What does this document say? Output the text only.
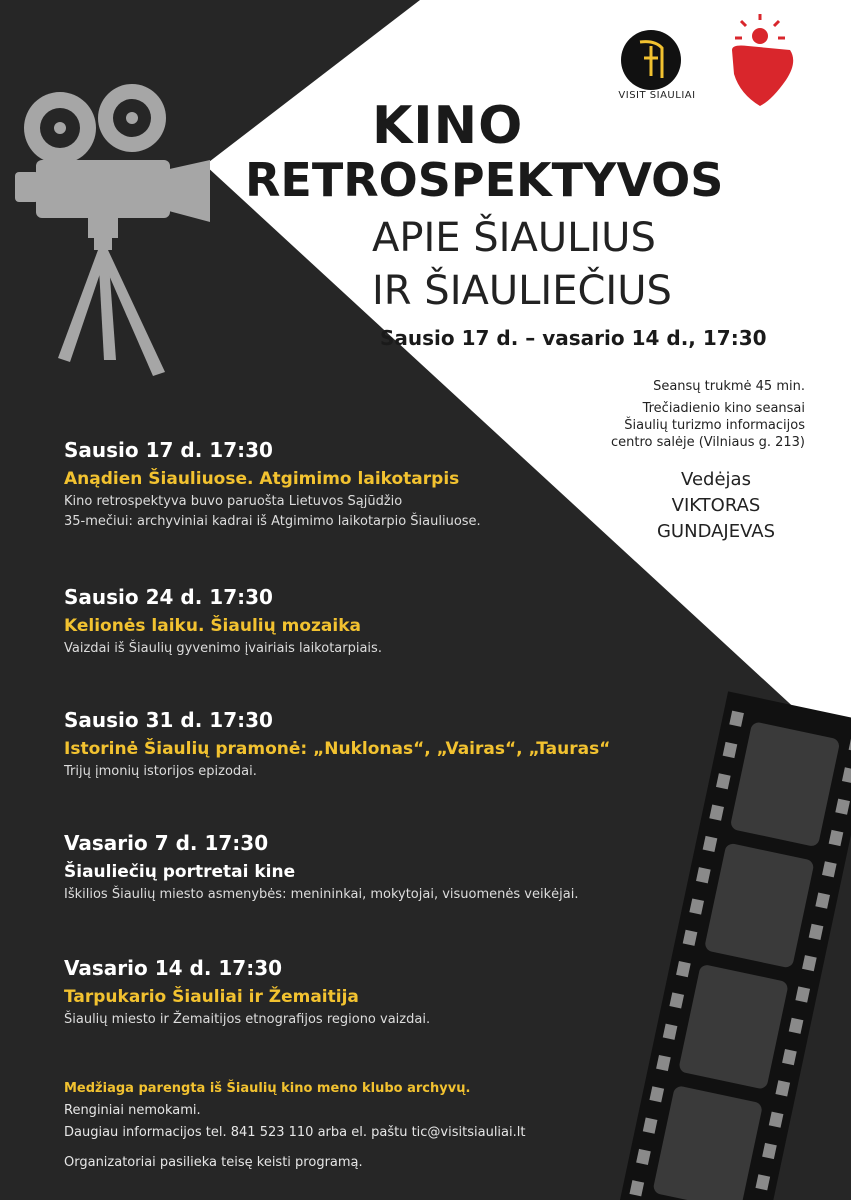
VISIT ŠIAULIAI
KINO
RETROSPEKTYVOS
APIE ŠIAULIUS
IR ŠIAULIEČIUS
Sausio 17 d. – vasario 14 d., 17:30
Seansų trukmė 45 min.
Trečiadienio kino seansai
Šiaulių turizmo informacijos
centro salėje (Vilniaus g. 213)
Vedėjas
VIKTORAS
GUNDAJEVAS
Sausio 17 d. 17:30
Anądien Šiauliuose. Atgimimo laikotarpis
Kino retrospektyva buvo paruošta Lietuvos Sąjūdžio
35-mečiui: archyviniai kadrai iš Atgimimo laikotarpio Šiauliuose.
Sausio 24 d. 17:30
Kelionės laiku. Šiaulių mozaika
Vaizdai iš Šiaulių gyvenimo įvairiais laikotarpiais.
Sausio 31 d. 17:30
Istorinė Šiaulių pramonė: „Nuklonas“, „Vairas“, „Tauras“
Trijų įmonių istorijos epizodai.
Vasario 7 d. 17:30
Šiauliečių portretai kine
Iškilios Šiaulių miesto asmenybės: menininkai, mokytojai, visuomenės veikėjai.
Vasario 14 d. 17:30
Tarpukario Šiauliai ir Žemaitija
Šiaulių miesto ir Žemaitijos etnografijos regiono vaizdai.
Medžiaga parengta iš Šiaulių kino meno klubo archyvų.
Renginiai nemokami.
Daugiau informacijos tel. 841 523 110 arba el. paštu tic@visitsiauliai.lt
Organizatoriai pasilieka teisę keisti programą.
